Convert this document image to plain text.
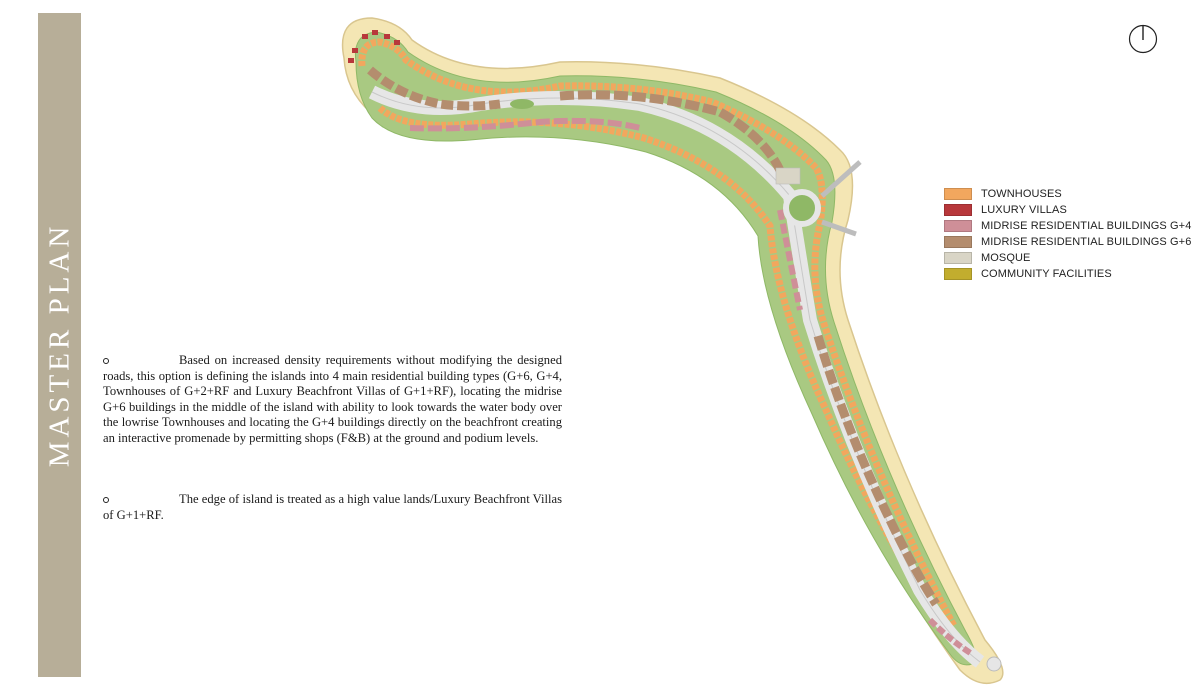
MASTER PLAN	Based on increased density requirements without modifying the designed roads, this option is defining the islands into 4 main residential building types (G+6, G+4, Townhouses of G+2+RF and Luxury Beachfront Villas of G+1+RF), locating the midrise G+6 buildings in the middle of the island with ability to look towards the water body over the lowrise Townhouses and locating the G+4 buildings directly on the beachfront creating an interactive promenade by permitting shops (F&B) at the ground and podium levels.
The edge of island is treated as a high value lands/Luxury Beachfront Villas of G+1+RF.
TOWNHOUSES
LUXURY VILLAS
MIDRISE RESIDENTIAL BUILDINGS G+4
MIDRISE RESIDENTIAL BUILDINGS G+6
MOSQUE
COMMUNITY FACILITIES
